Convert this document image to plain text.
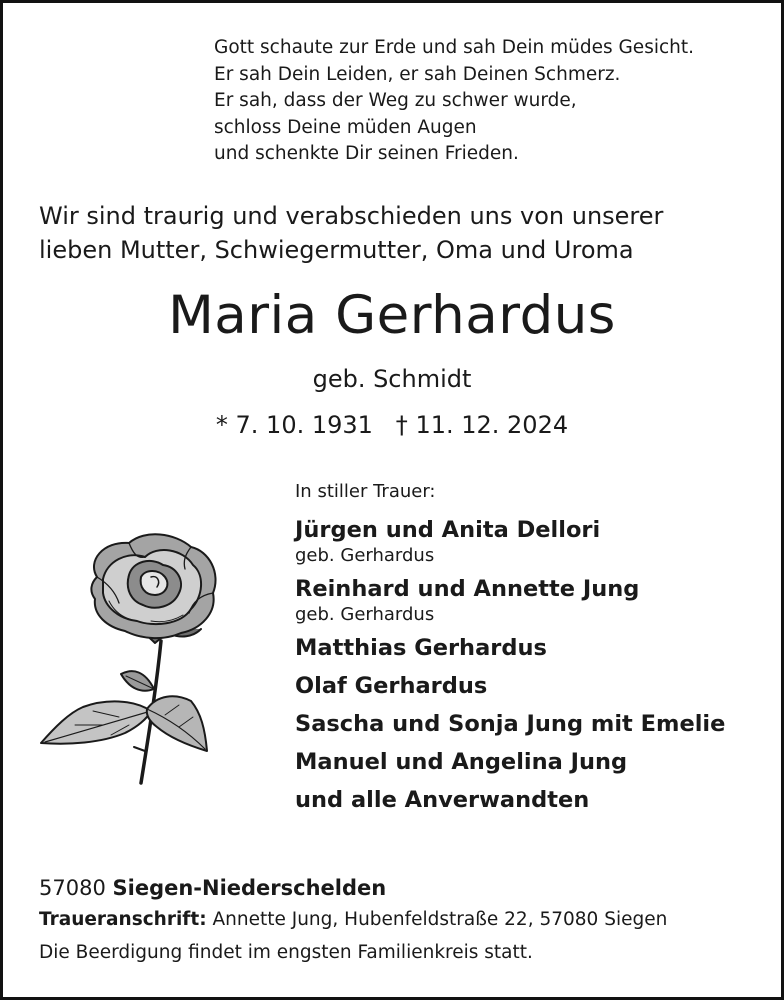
Gott schaute zur Erde und sah Dein müdes Gesicht.
Er sah Dein Leiden, er sah Deinen Schmerz.
Er sah, dass der Weg zu schwer wurde,
schloss Deine müden Augen
und schenkte Dir seinen Frieden.
Wir sind traurig und verabschieden uns von unserer
lieben Mutter, Schwiegermutter, Oma und Uroma
Maria Gerhardus
geb. Schmidt
* 7. 10. 1931   † 11. 12. 2024
In stiller Trauer:
Jürgen und Anita Dellori
geb. Gerhardus
Reinhard und Annette Jung
geb. Gerhardus
Matthias Gerhardus
Olaf Gerhardus
Sascha und Sonja Jung mit Emelie
Manuel und Angelina Jung
und alle Anverwandten
57080 Siegen-Niederschelden
Traueranschrift: Annette Jung, Hubenfeldstraße 22, 57080 Siegen
Die Beerdigung findet im engsten Familienkreis statt.
